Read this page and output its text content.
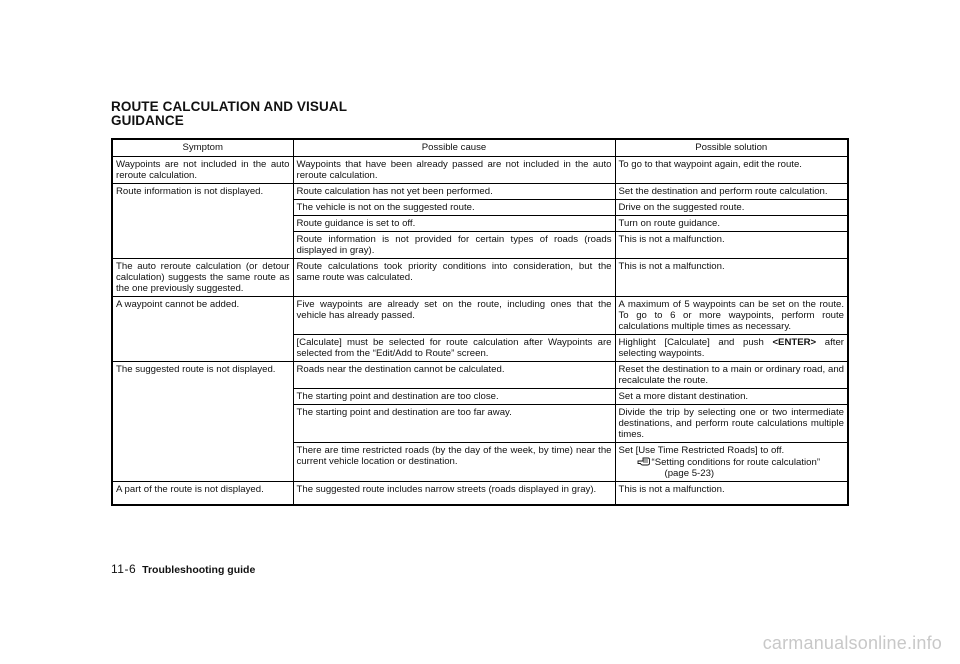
ROUTE CALCULATION AND VISUAL
GUIDANCE
Symptom	Possible cause	Possible solution
Waypoints are not included in the auto reroute calculation.	Waypoints that have been already passed are not included in the auto reroute calculation.	To go to that waypoint again, edit the route.
Route information is not displayed.	Route calculation has not yet been performed.	Set the destination and perform route calculation.
	The vehicle is not on the suggested route.	Drive on the suggested route.
	Route guidance is set to off.	Turn on route guidance.
	Route information is not provided for certain types of roads (roads displayed in gray).	This is not a malfunction.
The auto reroute calculation (or detour calculation) suggests the same route as the one previously suggested.	Route calculations took priority conditions into consideration, but the same route was calculated.	This is not a malfunction.
A waypoint cannot be added.	Five waypoints are already set on the route, including ones that the vehicle has already passed.	A maximum of 5 waypoints can be set on the route. To go to 6 or more waypoints, perform route calculations multiple times as necessary.
	[Calculate] must be selected for route calculation after Waypoints are selected from the “Edit/Add to Route” screen.	Highlight [Calculate] and push <ENTER> after selecting waypoints.
The suggested route is not displayed.	Roads near the destination cannot be calculated.	Reset the destination to a main or ordinary road, and recalculate the route.
	The starting point and destination are too close.	Set a more distant destination.
	The starting point and destination are too far away.	Divide the trip by selecting one or two intermediate destinations, and perform route calculations multiple times.
	There are time restricted roads (by the day of the week, by time) near the current vehicle location or destination.	Set [Use Time Restricted Roads] to off.
“Setting conditions for route calculation”
(page 5-23)

A part of the route is not displayed.	The suggested route includes narrow streets (roads displayed in gray).	This is not a malfunction.
11-6 Troubleshooting guide
carmanualsonline.info
